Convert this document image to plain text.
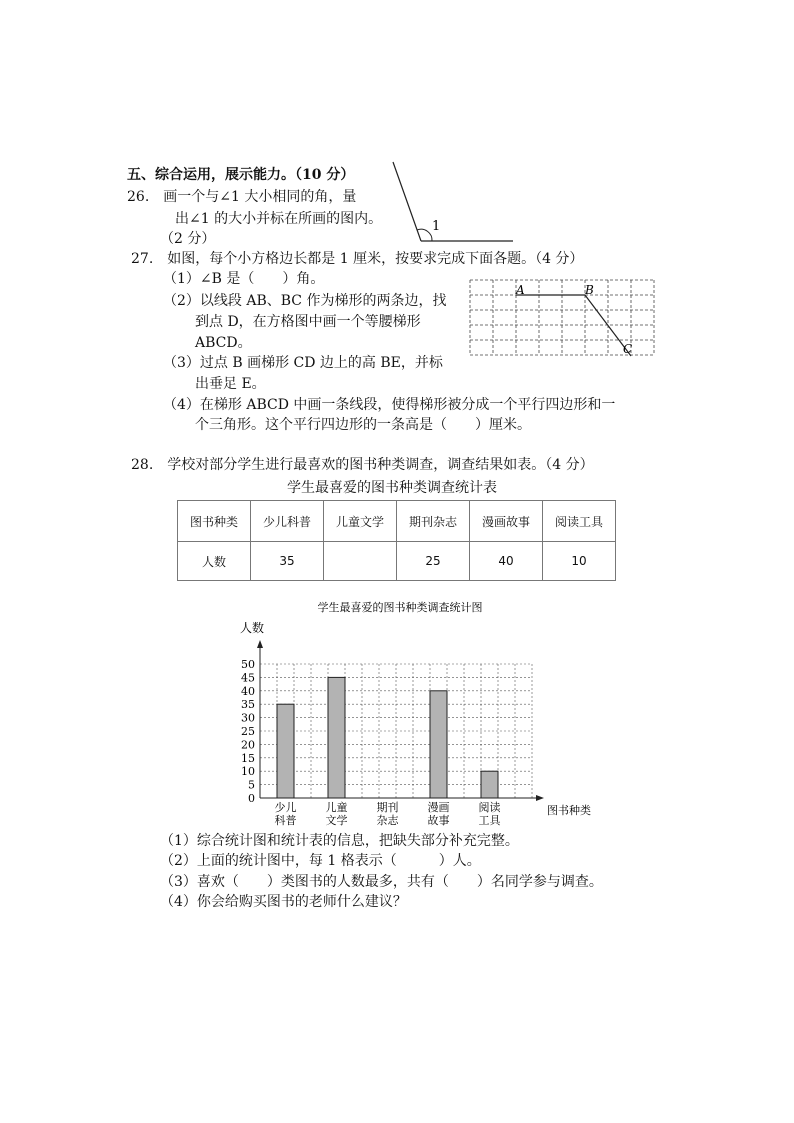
五、综合运用，展示能力。（10 分）
26.　画一个与∠1 大小相同的角，量
出∠1 的大小并标在所画的图内。
（2 分）
1
27.　如图，每个小方格边长都是 1 厘米，按要求完成下面各题。（4 分）
（1）∠B 是（　　）角。
（2）以线段 AB、BC 作为梯形的两条边，找
到点 D，在方格图中画一个等腰梯形
ABCD。
（3）过点 B 画梯形 CD 边上的高 BE，并标
出垂足 E。
（4）在梯形 ABCD 中画一条线段，使得梯形被分成一个平行四边形和一
个三角形。这个平行四边形的一条高是（　　）厘米。
A	B
C
28.　学校对部分学生进行最喜欢的图书种类调查，调查结果如表。（4 分）
学生最喜爱的图书种类调查统计表
图书种类	少儿科普	儿童文学	期刊杂志	漫画故事	阅读工具
人数	35		25	40	10
学生最喜爱的图书种类调查统计图
人数
0
5
10
15
20
25
30
35
40
45
50
少儿
科普
儿童
文学
期刊
杂志
漫画
故事
阅读
工具
图书种类
（1）综合统计图和统计表的信息，把缺失部分补充完整。
（2）上面的统计图中，每 1 格表示（　　　）人。
（3）喜欢（　　）类图书的人数最多，共有（　　）名同学参与调查。
（4）你会给购买图书的老师什么建议？
